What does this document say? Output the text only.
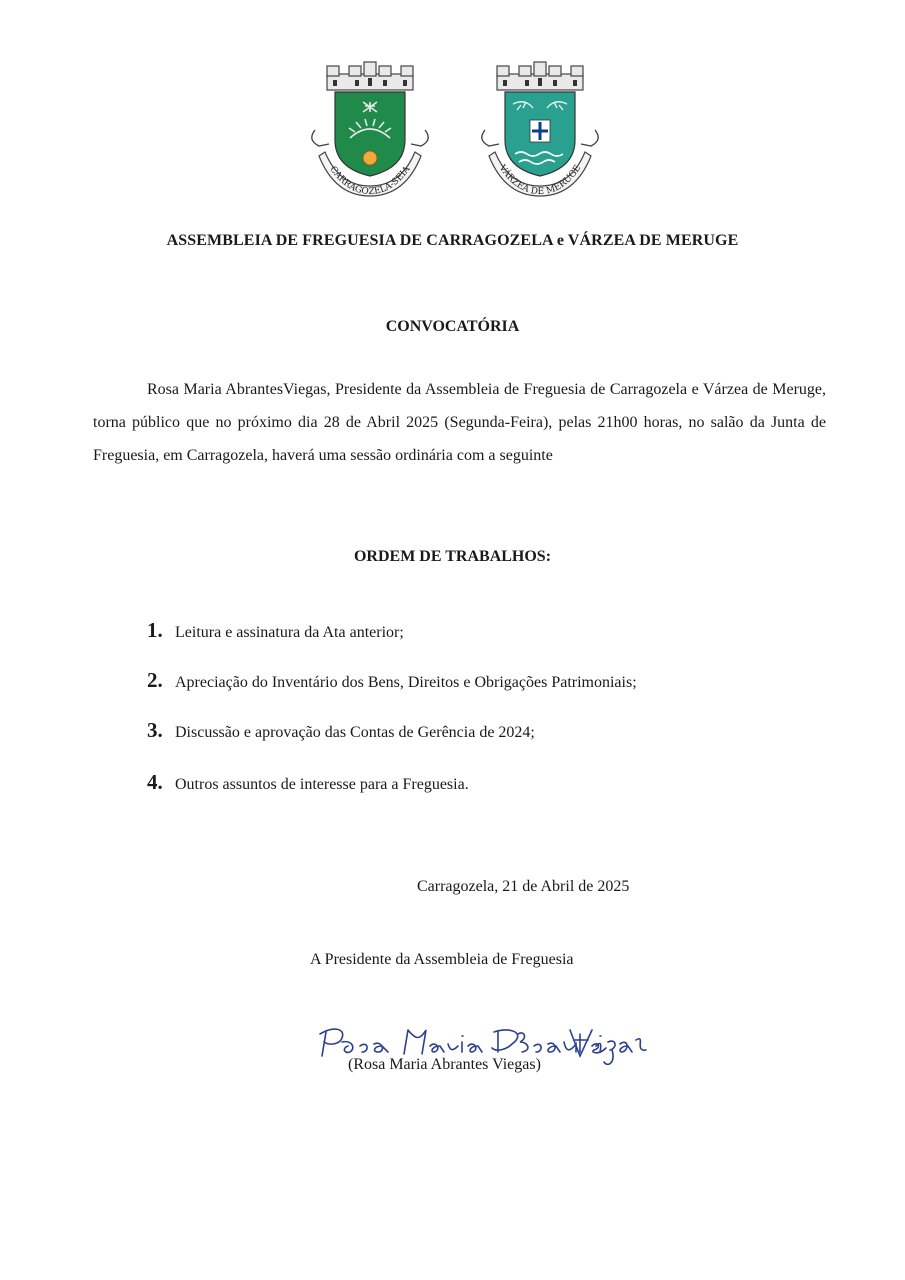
CARRAGOZELA-SEIA	VÁRZEA DE MERUGE
ASSEMBLEIA DE FREGUESIA DE CARRAGOZELA e VÁRZEA DE MERUGE
CONVOCATÓRIA

Rosa Maria AbrantesViegas, Presidente da Assembleia de Freguesia de Carragozela e Várzea de Meruge, torna público que no próximo dia 28 de Abril 2025 (Segunda-Feira), pelas 21h00 horas, no salão da Junta de Freguesia, em Carragozela, haverá uma sessão ordinária com a seguinte

ORDEM DE TRABALHOS:
1. Leitura e assinatura da Ata anterior;
2. Apreciação do Inventário dos Bens, Direitos e Obrigações Patrimoniais;
3. Discussão e aprovação das Contas de Gerência de 2024;
4. Outros assuntos de interesse para a Freguesia.
Carragozela, 21 de Abril de 2025
A Presidente da Assembleia de Freguesia
(Rosa Maria Abrantes Viegas)
